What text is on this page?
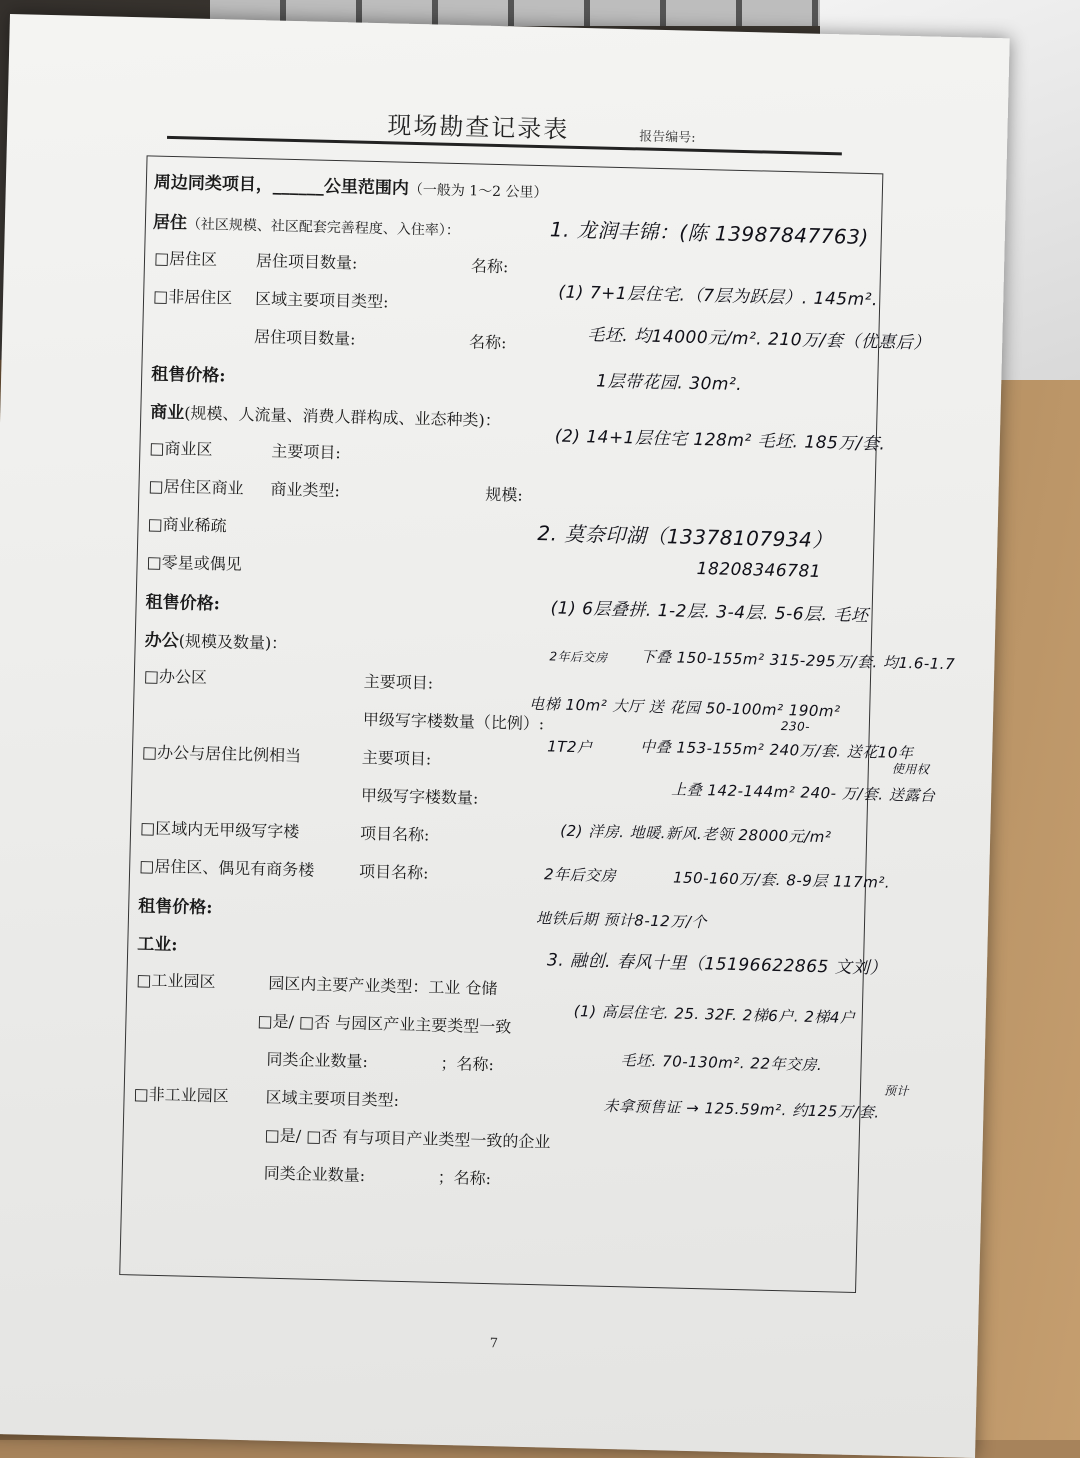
现场勘查记录表	报告编号:
周边同类项目，______公里范围内（一般为 1～2 公里）
居住（社区规模、社区配套完善程度、入住率）：
□居住区 居住项目数量:	名称:
□非居住区 区域主要项目类型:
居住项目数量:	名称:
租售价格:
商业(规模、人流量、消费人群构成、业态种类)：
□商业区	主要项目:
□居住区商业 商业类型:	规模:
□商业稀疏
□零星或偶见
租售价格:
办公(规模及数量)：
□办公区	主要项目:
甲级写字楼数量（比例）:
□办公与居住比例相当	主要项目:
甲级写字楼数量:
□区域内无甲级写字楼	项目名称:
□居住区、偶见有商务楼	项目名称:
租售价格:
工业:
□工业园区	园区内主要产业类型：工业 仓储
□是/ □否 与园区产业主要类型一致
同类企业数量:	；名称:
□非工业园区 区域主要项目类型:
□是/ □否 有与项目产业类型一致的企业
同类企业数量:	；名称:
1. 龙润丰锦：(陈 13987847763)
(1) 7+1层住宅.（7层为跃层）. 145m².
毛坯. 均14000元/m². 210万/套（优惠后）
1层带花园. 30m².
(2) 14+1层住宅 128m² 毛坯. 185万/套.
2. 莫奈印湖（13378107934）
18208346781
(1) 6层叠拼. 1-2层. 3-4层. 5-6层. 毛坯
2年后交房 下叠 150-155m² 315-295万/套. 均1.6-1.7
电梯 10m² 大厅 送 花园 50-100m² 190m²
1T2户	中叠 153-155m² 240万/套. 送花10年
230-
使用权
上叠 142-144m² 240- 万/套. 送露台
(2) 洋房. 地暖.新风.老领 28000元/m²
2年后交房	150-160万/套. 8-9层 117m².
地铁后期 预计8-12万/个
3. 融创. 春风十里（15196622865 文刘）
(1) 高层住宅. 25. 32F. 2梯6户. 2梯4户
毛坯. 70-130m². 22年交房.
预计
未拿预售证 → 125.59m². 约125万/套.
7
